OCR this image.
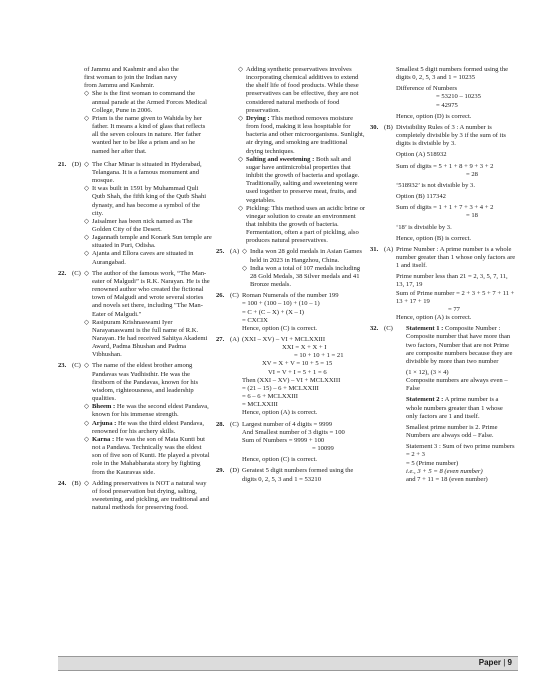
of Jammu and Kashmir and also the

first woman to join the Indian navy

from Jammu and Kashmir.

◇ She is the first woman to command the annual parade at the Armed Forces Medical College, Pune in 2006.
◇ Prism is the name given to Wahida by her father. It means a kind of glass that reflects all the seven colours in nature. Her father wanted her to be like a prism and so he named her after that.
21. (D) ◇ The Char Minar is situated in Hyderabad, Telangana. It is a famous monument and mosque.
◇ It was built in 1591 by Muhammad Quli Qutb Shah, the fifth king of the Qutb Shahi dynasty, and has become a symbol of the city.
◇ Jaisalmer has been nick named as The Golden City of the Desert.
◇ Jagannath temple and Konark Sun temple are situated in Puri, Odisha.
◇ Ajanta and Ellora caves are situated in Aurangabad.
22. (C) ◇ The author of the famous work, “The Man-eater of Malgudi” is R.K. Narayan. He is the renowned author who created the fictional town of Malgudi and wrote several stories and novels set there, including "The Man-Eater of Malgudi."
◇ Rasipuram Krishnaswami Iyer Narayanaswami is the full name of R.K. Narayan. He had received Sahitya Akademi Award, Padma Bhushan and Padma Vibhushan.
23. (C) ◇ The name of the eldest brother among Pandavas was Yudhisthir. He was the firstborn of the Pandavas, known for his wisdom, righteousness, and leadership qualities.
◇ Bheem : He was the second eldest Pandava, known for his immense strength.
◇ Arjuna : He was the third eldest Pandava, renowned for his archery skills.
◇ Karna : He was the son of Mata Kunti but not a Pandava. Technically was the eldest son of five son of Kunti. He played a pivotal role in the Mahabharata story by fighting from the Kauravas side.
24. (B) ◇ Adding preservatives is NOT a natural way of food preservation but drying, salting, sweetening, and pickling, are traditional and natural methods for preserving food.
◇ Adding synthetic preservatives involves incorporating chemical additives to extend the shelf life of food products. While these preservatives can be effective, they are not considered natural methods of food preservation.
◇ Drying : This method removes moisture from food, making it less hospitable for bacteria and other microorganisms. Sunlight, air drying, and smoking are traditional drying techniques.
◇ Salting and sweetening : Both salt and sugar have antimicrobial properties that inhibit the growth of bacteria and spoilage. Traditionally, salting and sweetening were used together to preserve meat, fruits, and vegetables.
◇ Pickling: This method uses an acidic brine or vinegar solution to create an environment that inhibits the growth of bacteria. Fermentation, often a part of pickling, also produces natural preservatives.
25. (A) ◇ India won 28 gold medals in Asian Games held in 2023 in Hangzhou, China.
◇ India won a total of 107 medals including 28 Gold Medals, 38 Silver medals and 41 Bronze medals.
26. (C) Roman Numerals of the number 199

= 100 + (100 – 10) + (10 – 1)

= C + (C – X) + (X – I)

= CXCIX

Hence, option (C) is correct.

27. (A) (XXI – XV) – VI + MCLXXIII

XXI = X + X + I

= 10 + 10 + 1 = 21

XV = X + V = 10 + 5 = 15

VI = V + I = 5 + 1 = 6

Then (XXI – XV) – VI + MCLXXIII

= (21 – 15) – 6 + MCLXXIII

= 6 – 6 + MCLXXIII

= MCLXXIII

Hence, option (A) is correct.

28. (C) Largest number of 4 digits = 9999

And Smallest number of 3 digits = 100

Sum of Numbers = 9999 + 100

= 10099

Hence, option (C) is correct.

29. (D) Geratest 5 digit numbers formed using the digits 0, 2, 5, 3 and 1 = 53210

Smallest 5 digit numbers formed using the digits 0, 2, 5, 3 and 1 = 10235

Difference of Numbers

= 53210 – 10235

= 42975

Hence, option (D) is correct.

30. (B) Divisibility Rules of 3 : A number is completely divisible by 3 if the sum of its digits is divisible by 3.

Option (A) 518932

Sum of digits = 5 + 1 + 8 + 9 + 3 + 2

= 28

‘518932’ is not divisible by 3.

Option (B) 117342

Sum of digits = 1 + 1 + 7 + 3 + 4 + 2

= 18

‘18’ is divisible by 3.

Hence, option (B) is correct.

31. (A) Prime Number : A prime number is a whole number greater than 1 whose only factors are 1 and itself.

Prime number less than 21 = 2, 3, 5, 7, 11, 13, 17, 19

Sum of Prime number = 2 + 3 + 5 + 7 + 11 + 13 + 17 + 19

= 77

Hence, option (A) is correct.

32. (C)	Statement 1 : Composite Number : Composite number that have more than two factors, Number that are not Prime are composite numbers because they are divisible by more than two number

(1 × 12), (3 × 4)

Composite numbers are always even – False

Statement 2 : A prime number is a whole numbers greater than 1 whose only factors are 1 and itself.

Smallest prime number is 2. Prime Numbers are always odd – False.

Statement 3 : Sum of two prime numbers = 2 + 3

= 5 (Prime number)

i.e., 3 + 5 = 8 (even number)

and 7 + 11 = 18 (even number)

Paper | 9
